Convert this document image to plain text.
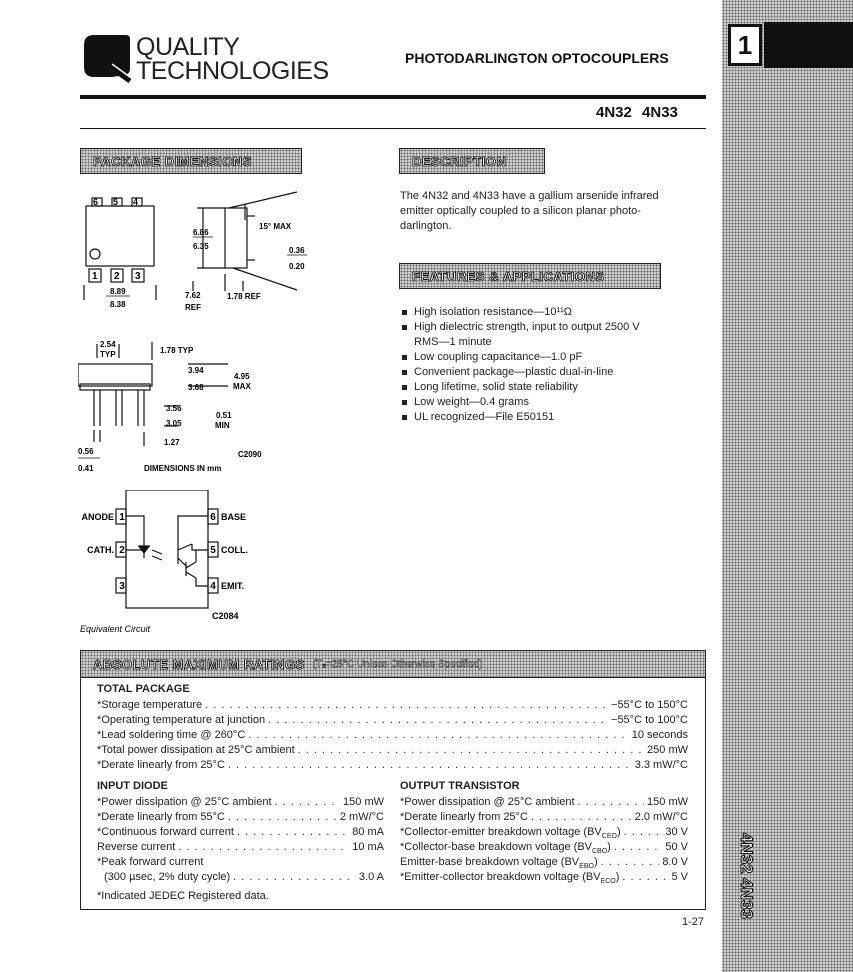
1
4N32 4N33
QUALITY
TECHNOLOGIES	PHOTODARLINGTON OPTOCOUPLERS
4N32 4N33
PACKAGE DIMENSIONS	DESCRIPTION
The 4N32 and 4N33 have a gallium arsenide infrared
emitter optically coupled to a silicon planar photo-
darlington.
FEATURES & APPLICATIONS
High isolation resistance—10¹¹Ω
High dielectric strength, input to output 2500 V
RMS—1 minute
Low coupling capacitance—1.0 pF
Convenient package—plastic dual-in-line
Long lifetime, solid state reliability
Low weight—0.4 grams
UL recognized—File E50151
6 5 4
1 2 3
8.89
8.38
15° MAX
6.86
6.35	0.36
0.20
7.62
REF
1.78 REF
2.54
TYP	1.78 TYP
3.94
3.68
4.95
MAX
3.56
3.05
0.51
MIN
0.56
0.41
1.27
C2090
DIMENSIONS IN mm
1
2
3
6
5
4
ANODE
CATH.
BASE
COLL.
EMIT.
C2084
Equivalent Circuit
ABSOLUTE MAXIMUM RATINGS (Tₐ=25°C Unless Otherwise Specified)
TOTAL PACKAGE
*Storage temperature . . .	−55°C to 150°C
*Operating temperature at junction . . .	−55°C to 100°C
*Lead soldering time @ 260°C . . .	10 seconds
*Total power dissipation at 25°C ambient . . .	250 mW
*Derate linearly from 25°C . . .	3.3 mW/°C
INPUT DIODE
*Power dissipation @ 25°C ambient . . .	150 mW
*Derate linearly from 55°C . . .	2 mW/°C
*Continuous forward current . . .	80 mA
Reverse current . . .	10 mA
*Peak forward current
(300 µsec, 2% duty cycle) . . .	3.0 A
OUTPUT TRANSISTOR
*Power dissipation @ 25°C ambient . . .	150 mW
*Derate linearly from 25°C . . .	2.0 mW/°C
*Collector-emitter breakdown voltage $(BV_{CEO})$ . . .	30 V
*Collector-base breakdown voltage $(BV_{CBO})$ . . .	50 V
Emitter-base breakdown voltage $(BV_{EBO})$ . . .	8.0 V
*Emitter-collector breakdown voltage $(BV_{ECO})$ . . .	5 V
*Indicated JEDEC Registered data.
1-27
